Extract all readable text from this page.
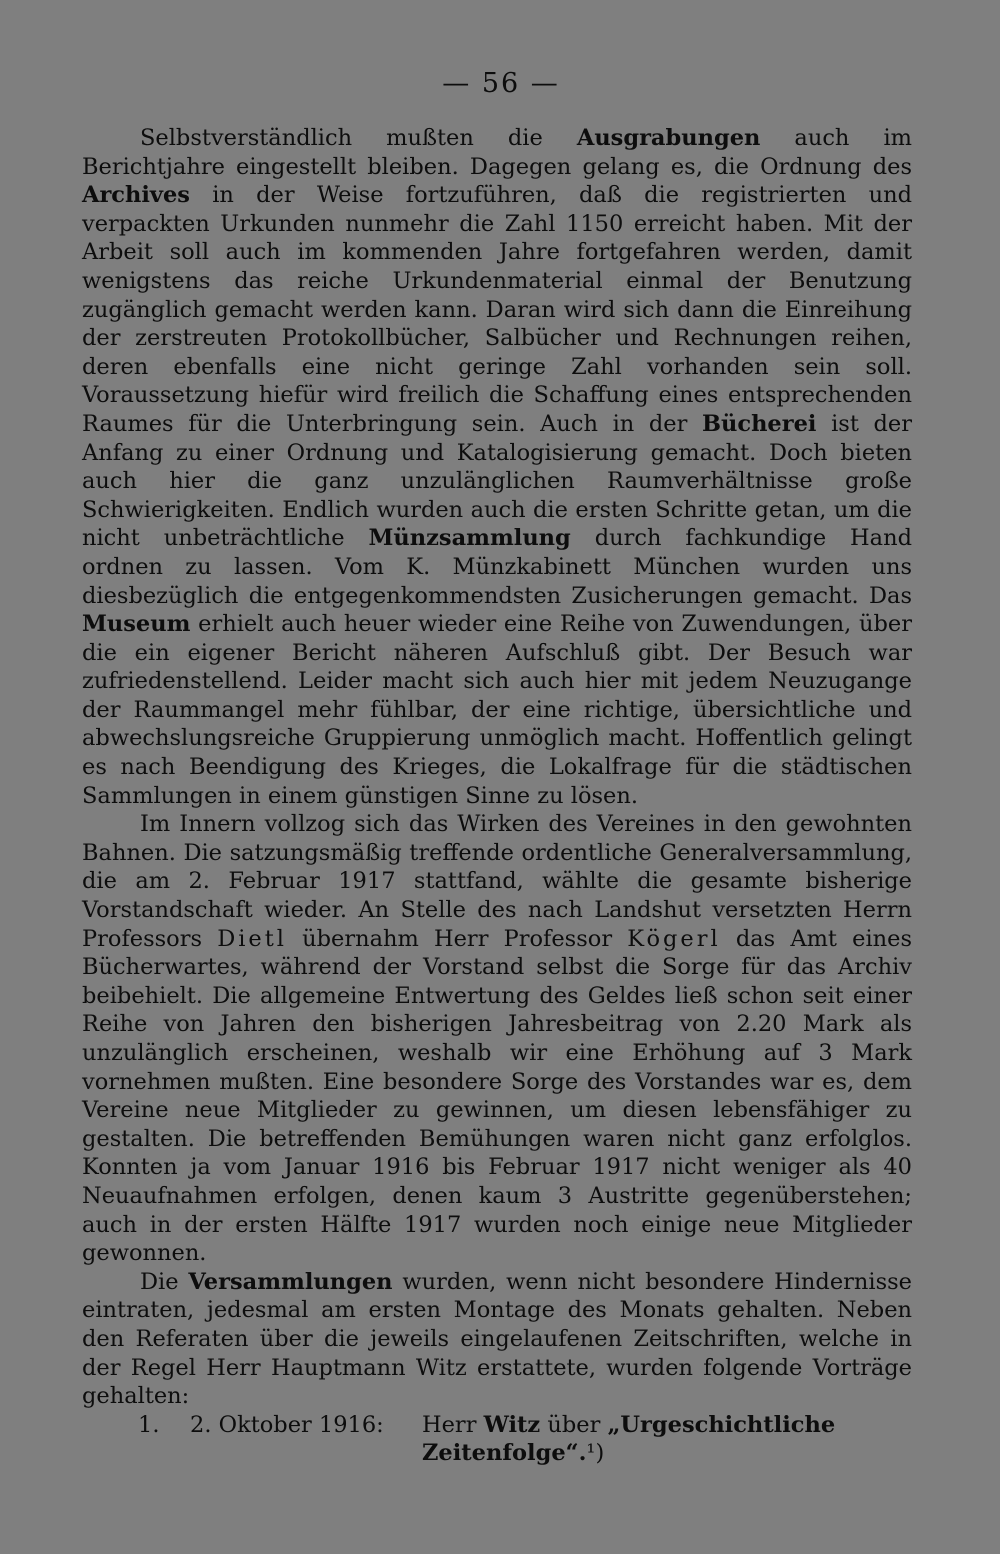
— 56 —

Selbstverständlich mußten die Ausgrabungen auch im Berichtjahre eingestellt bleiben. Dagegen gelang es, die Ordnung des Archives in der Weise fortzuführen, daß die registrierten und verpackten Urkunden nunmehr die Zahl 1150 erreicht haben. Mit der Arbeit soll auch im kommenden Jahre fortgefahren werden, damit wenigstens das reiche Urkundenmaterial einmal der Benutzung zugänglich gemacht werden kann. Daran wird sich dann die Einreihung der zerstreuten Protokollbücher, Salbücher und Rechnungen reihen, deren ebenfalls eine nicht geringe Zahl vorhanden sein soll. Voraussetzung hiefür wird freilich die Schaffung eines entsprechenden Raumes für die Unterbringung sein. Auch in der Bücherei ist der Anfang zu einer Ordnung und Katalogisierung gemacht. Doch bieten auch hier die ganz unzulänglichen Raumverhältnisse große Schwierigkeiten. Endlich wurden auch die ersten Schritte getan, um die nicht unbeträchtliche Münzsammlung durch fachkundige Hand ordnen zu lassen. Vom K. Münzkabinett München wurden uns diesbezüglich die entgegenkommendsten Zusicherungen gemacht. Das Museum erhielt auch heuer wieder eine Reihe von Zuwendungen, über die ein eigener Bericht näheren Aufschluß gibt. Der Besuch war zufriedenstellend. Leider macht sich auch hier mit jedem Neuzugange der Raummangel mehr fühlbar, der eine richtige, übersichtliche und abwechslungsreiche Gruppierung unmöglich macht. Hoffentlich gelingt es nach Beendigung des Krieges, die Lokalfrage für die städtischen Sammlungen in einem günstigen Sinne zu lösen.

Im Innern vollzog sich das Wirken des Vereines in den gewohnten Bahnen. Die satzungsmäßig treffende ordentliche Generalversammlung, die am 2. Februar 1917 stattfand, wählte die gesamte bisherige Vorstandschaft wieder. An Stelle des nach Landshut versetzten Herrn Professors Dietl übernahm Herr Professor Kögerl das Amt eines Bücherwartes, während der Vorstand selbst die Sorge für das Archiv beibehielt. Die allgemeine Entwertung des Geldes ließ schon seit einer Reihe von Jahren den bisherigen Jahresbeitrag von 2.20 Mark als unzulänglich erscheinen, weshalb wir eine Erhöhung auf 3 Mark vornehmen mußten. Eine besondere Sorge des Vorstandes war es, dem Vereine neue Mitglieder zu gewinnen, um diesen lebensfähiger zu gestalten. Die betreffenden Bemühungen waren nicht ganz erfolglos. Konnten ja vom Januar 1916 bis Februar 1917 nicht weniger als 40 Neuaufnahmen erfolgen, denen kaum 3 Austritte gegenüberstehen; auch in der ersten Hälfte 1917 wurden noch einige neue Mitglieder gewonnen.

Die Versammlungen wurden, wenn nicht besondere Hindernisse eintraten, jedesmal am ersten Montage des Monats gehalten. Neben den Referaten über die jeweils eingelaufenen Zeitschriften, welche in der Regel Herr Hauptmann Witz erstattete, wurden folgende Vorträge gehalten:

1.	2. Oktober 1916:	Herr Witz über „Urgeschichtliche Zeitenfolge“.¹)
